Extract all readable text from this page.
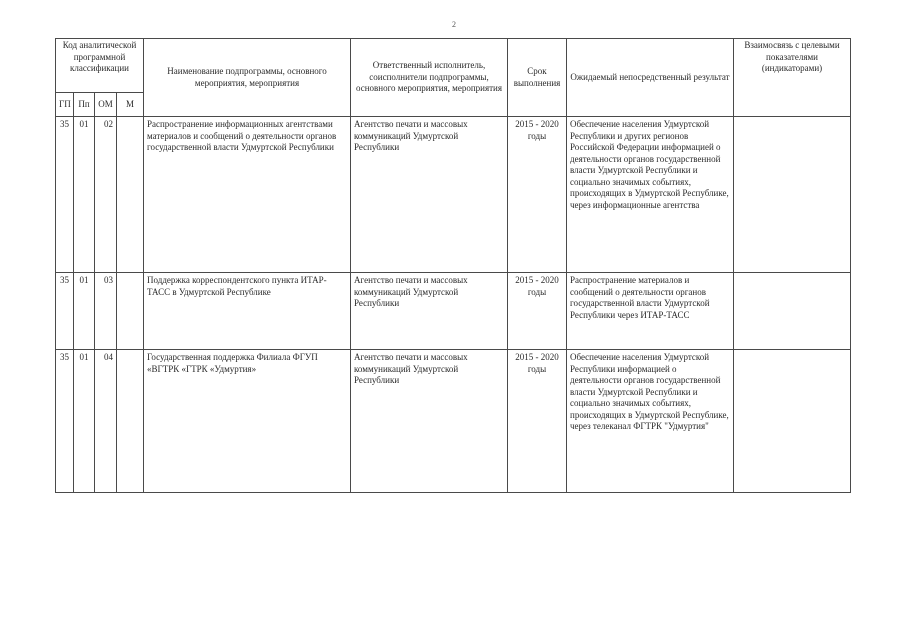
2
Код аналитической программной классификации				Наименование подпрограммы, основного мероприятия, мероприятия	Ответственный исполнитель, соисполнители подпрограммы, основного мероприятия, мероприятия	Срок выполнения	Ожидаемый непосредственный результат	Взаимосвязь с целевыми показателями (индикаторами)
ГП	Пп	ОМ	М					
35	01	02		Распространение информационных агентствами материалов и сообщений о деятельности органов государственной власти Удмуртской Республики	Агентство печати и массовых коммуникаций Удмуртской Республики	2015 - 2020 годы	Обеспечение населения Удмуртской Республики и других регионов Российской Федерации информацией о деятельности органов государственной власти Удмуртской Республики и социально значимых событиях, происходящих в Удмуртской Республике, через информационные агентства	
35	01	03		Поддержка корреспондентского пункта ИТАР-ТАСС в Удмуртской Республике	Агентство печати и массовых коммуникаций Удмуртской Республики	2015 - 2020 годы	Распространение материалов и сообщений о деятельности органов государственной власти Удмуртской Республики через ИТАР-ТАСС	
35	01	04		Государственная поддержка Филиала ФГУП «ВГТРК «ГТРК «Удмуртия»	Агентство печати и массовых коммуникаций Удмуртской Республики	2015 - 2020 годы	Обеспечение населения Удмуртской Республики информацией о деятельности органов государственной власти Удмуртской Республики и социально значимых событиях, происходящих в Удмуртской Республике, через телеканал ФГТРК "Удмуртия"	
